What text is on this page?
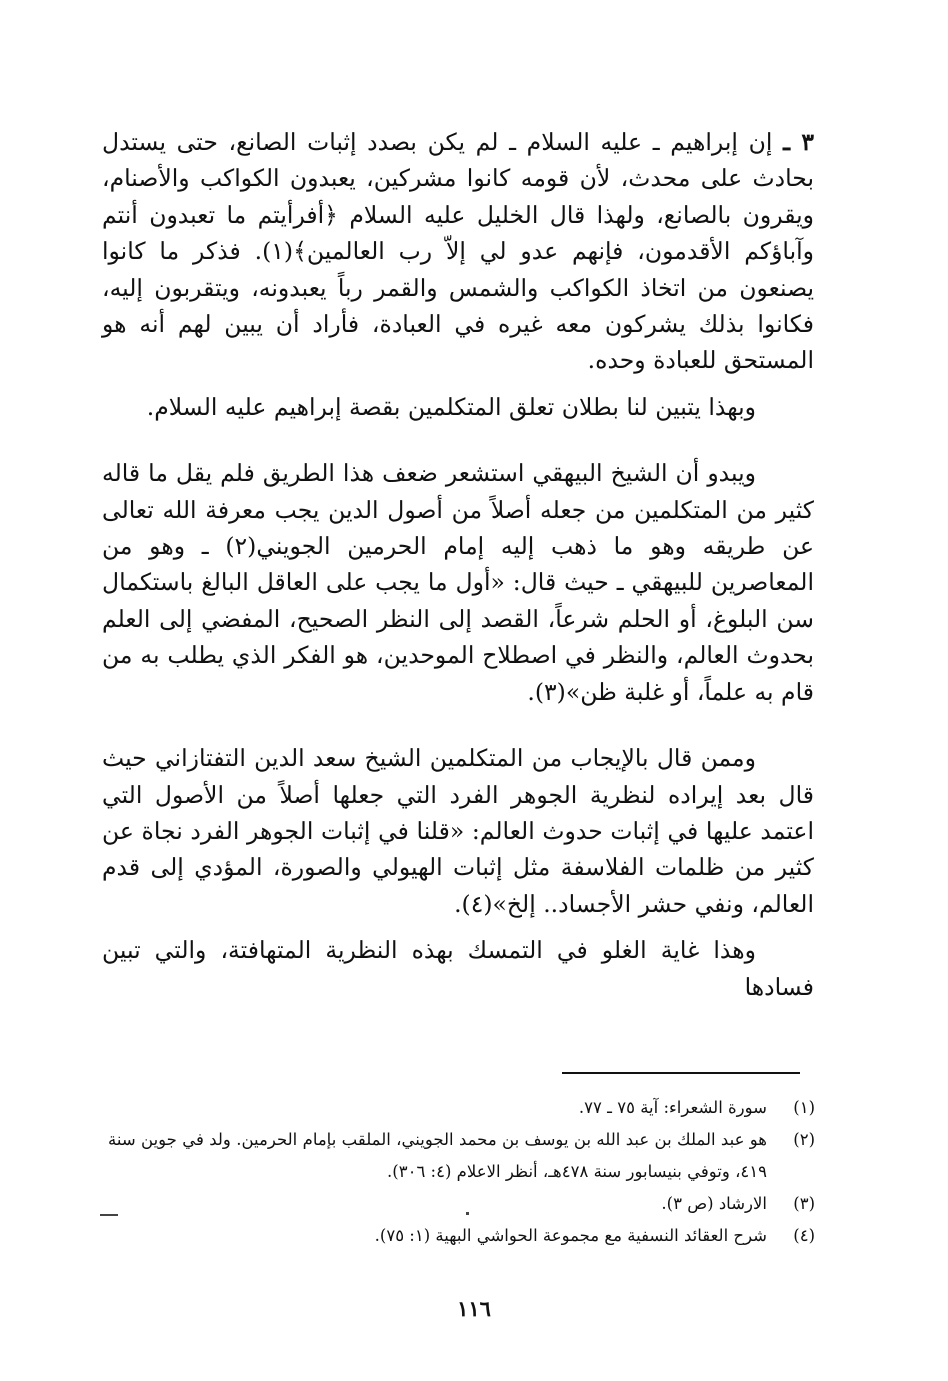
٣ ـ إن إبراهيم ـ عليه السلام ـ لم يكن بصدد إثبات الصانع، حتى يستدل بحادث على محدث، لأن قومه كانوا مشركين، يعبدون الكواكب والأصنام، ويقرون بالصانع، ولهذا قال الخليل عليه السلام ﴿أفرأيتم ما تعبدون أنتم وآباؤكم الأقدمون، فإنهم عدو لي إلاّ رب العالمين﴾(١). فذكر ما كانوا يصنعون من اتخاذ الكواكب والشمس والقمر رباً يعبدونه، ويتقربون إليه، فكانوا بذلك يشركون معه غيره في العبادة، فأراد أن يبين لهم أنه هو المستحق للعبادة وحده.

وبهذا يتبين لنا بطلان تعلق المتكلمين بقصة إبراهيم عليه السلام.

ويبدو أن الشيخ البيهقي استشعر ضعف هذا الطريق فلم يقل ما قاله كثير من المتكلمين من جعله أصلاً من أصول الدين يجب معرفة الله تعالى عن طريقه وهو ما ذهب إليه إمام الحرمين الجويني(٢) ـ وهو من المعاصرين للبيهقي ـ حيث قال: «أول ما يجب على العاقل البالغ باستكمال سن البلوغ، أو الحلم شرعاً، القصد إلى النظر الصحيح، المفضي إلى العلم بحدوث العالم، والنظر في اصطلاح الموحدين، هو الفكر الذي يطلب به من قام به علماً، أو غلبة ظن»(٣).

وممن قال بالإيجاب من المتكلمين الشيخ سعد الدين التفتازاني حيث قال بعد إيراده لنظرية الجوهر الفرد التي جعلها أصلاً من الأصول التي اعتمد عليها في إثبات حدوث العالم: «قلنا في إثبات الجوهر الفرد نجاة عن كثير من ظلمات الفلاسفة مثل إثبات الهيولي والصورة، المؤدي إلى قدم العالم، ونفي حشر الأجساد.. إلخ»(٤).

وهذا غاية الغلو في التمسك بهذه النظرية المتهافتة، والتي تبين فسادها

(١)
سورة الشعراء: آية ٧٥ ـ ٧٧.

(٢)
هو عبد الملك بن عبد الله بن يوسف بن محمد الجويني، الملقب بإمام الحرمين. ولد في جوين سنة ٤١٩، وتوفي بنيسابور سنة ٤٧٨هـ، أنظر الاعلام (٤: ٣٠٦).

(٣)
الارشاد (ص ٣).

(٤)
شرح العقائد النسفية مع مجموعة الحواشي البهية (١: ٧٥).

١١٦
